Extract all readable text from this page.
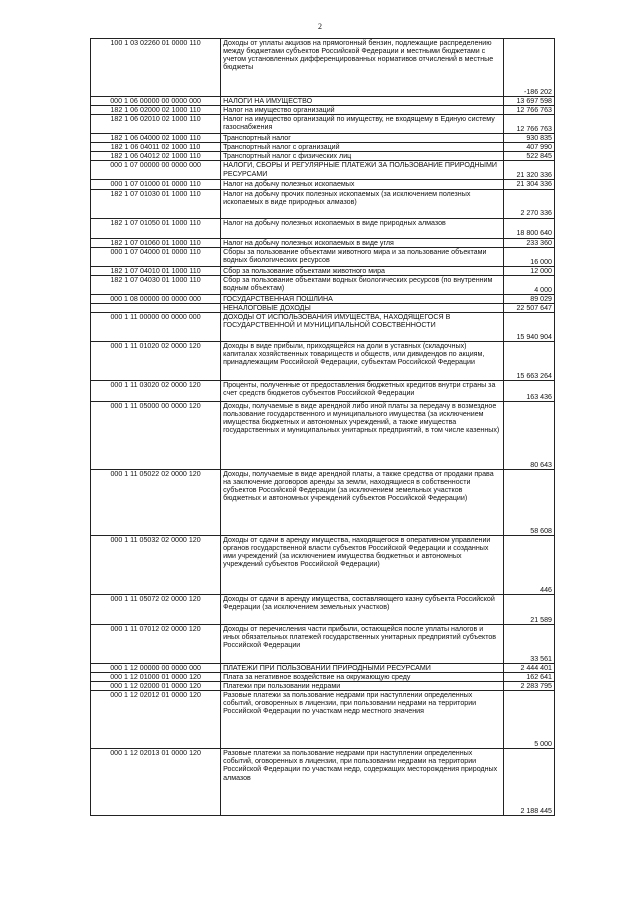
2
100 1 03 02260 01 0000 110	Доходы от уплаты акцизов на прямогонный бензин, подлежащие распределению между бюджетами субъектов Российской Федерации и местными бюджетами с учетом установленных дифференцированных нормативов отчислений в местные бюджеты	-186 202
000 1 06 00000 00 0000 000	НАЛОГИ НА ИМУЩЕСТВО	13 697 598
182 1 06 02000 02 1000 110	Налог на имущество организаций	12 766 763
182 1 06 02010 02 1000 110	Налог на имущество организаций по имуществу, не входящему в Единую систему газоснабжения	12 766 763
182 1 06 04000 02 1000 110	Транспортный налог	930 835
182 1 06 04011 02 1000 110	Транспортный налог с организаций	407 990
182 1 06 04012 02 1000 110	Транспортный налог с физических лиц	522 845
000 1 07 00000 00 0000 000	НАЛОГИ, СБОРЫ И РЕГУЛЯРНЫЕ ПЛАТЕЖИ ЗА ПОЛЬЗОВАНИЕ ПРИРОДНЫМИ РЕСУРСАМИ	21 320 336
000 1 07 01000 01 0000 110	Налог на добычу полезных ископаемых	21 304 336
182 1 07 01030 01 1000 110	Налог на добычу прочих полезных ископаемых (за исключением полезных ископаемых в виде природных алмазов)	2 270 336
182 1 07 01050 01 1000 110	Налог на добычу полезных ископаемых в виде природных алмазов	18 800 640
182 1 07 01060 01 1000 110	Налог на добычу полезных ископаемых в виде угля	233 360
000 1 07 04000 01 0000 110	Сборы за пользование объектами животного мира и за пользование объектами водных биологических ресурсов	16 000
182 1 07 04010 01 1000 110	Сбор за пользование объектами животного мира	12 000
182 1 07 04030 01 1000 110	Сбор за пользование объектами водных биологических ресурсов (по внутренним водным объектам)	4 000
000 1 08 00000 00 0000 000	ГОСУДАРСТВЕННАЯ ПОШЛИНА	89 029
	НЕНАЛОГОВЫЕ ДОХОДЫ	22 507 647
000 1 11 00000 00 0000 000	ДОХОДЫ ОТ ИСПОЛЬЗОВАНИЯ ИМУЩЕСТВА, НАХОДЯЩЕГОСЯ В ГОСУДАРСТВЕННОЙ И МУНИЦИПАЛЬНОЙ СОБСТВЕННОСТИ	15 940 904
000 1 11 01020 02 0000 120	Доходы в виде прибыли, приходящейся на доли в уставных (складочных) капиталах хозяйственных товариществ и обществ, или дивидендов по акциям, принадлежащим Российской Федерации, субъектам Российской Федерации	15 663 264
000 1 11 03020 02 0000 120	Проценты, полученные от предоставления бюджетных кредитов внутри страны за счет средств бюджетов субъектов Российской Федерации	163 436
000 1 11 05000 00 0000 120	Доходы, получаемые в виде арендной либо иной платы за передачу в возмездное пользование государственного и муниципального имущества (за исключением имущества бюджетных и автономных учреждений, а также имущества государственных и муниципальных унитарных предприятий, в том числе казенных)	80 643
000 1 11 05022 02 0000 120	Доходы, получаемые в виде арендной платы, а также средства от продажи права на заключение договоров аренды за земли, находящиеся в собственности субъектов Российской Федерации (за исключением земельных участков бюджетных и автономных учреждений субъектов Российской Федерации)	58 608
000 1 11 05032 02 0000 120	Доходы от сдачи в аренду имущества, находящегося в оперативном управлении органов государственной власти субъектов Российской Федерации и созданных ими учреждений (за исключением имущества бюджетных и автономных учреждений субъектов Российской Федерации)	446
000 1 11 05072 02 0000 120	Доходы от сдачи в аренду имущества, составляющего казну субъекта Российской Федерации (за исключением земельных участков)	21 589
000 1 11 07012 02 0000 120	Доходы от перечисления части прибыли, остающейся после уплаты налогов и иных обязательных платежей государственных унитарных предприятий субъектов Российской Федерации	33 561
000 1 12 00000 00 0000 000	ПЛАТЕЖИ ПРИ ПОЛЬЗОВАНИИ ПРИРОДНЫМИ РЕСУРСАМИ	2 444 401
000 1 12 01000 01 0000 120	Плата за негативное воздействие на окружающую среду	162 641
000 1 12 02000 01 0000 120	Платежи при пользовании недрами	2 283 795
000 1 12 02012 01 0000 120	Разовые платежи за пользование недрами при наступлении определенных событий, оговоренных в лицензии, при пользовании недрами на территории Российской Федерации по участкам недр местного значения	5 000
000 1 12 02013 01 0000 120	Разовые платежи за пользование недрами при наступлении определенных событий, оговоренных в лицензии, при пользовании недрами на территории Российской Федерации по участкам недр, содержащих месторождения природных алмазов	2 188 445
